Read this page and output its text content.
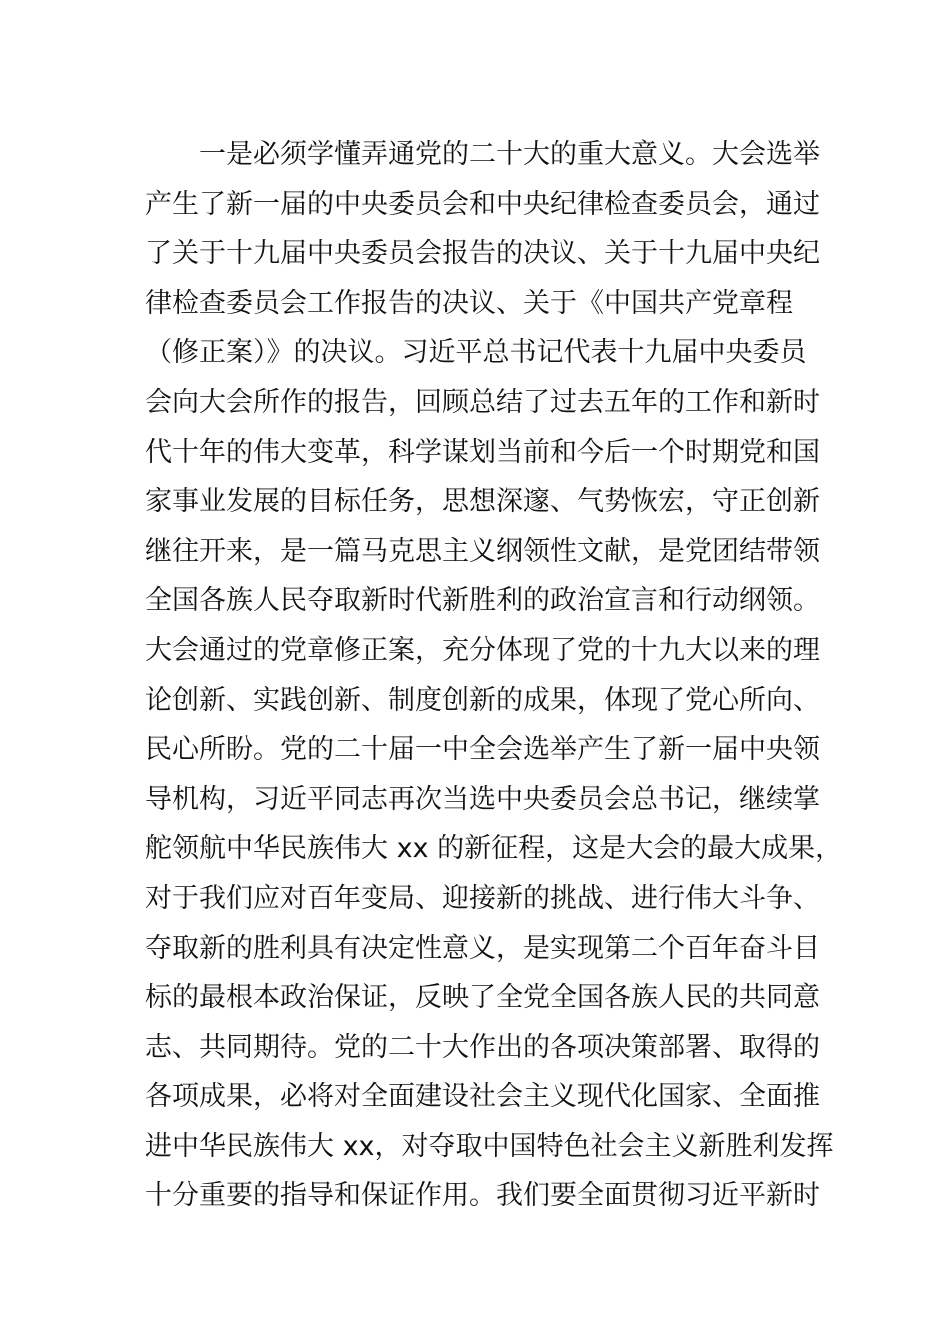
一是必须学懂弄通党的二十大的重大意义。大会选举
产生了新一届的中央委员会和中央纪律检查委员会，通过
了关于十九届中央委员会报告的决议、关于十九届中央纪
律检查委员会工作报告的决议、关于《中国共产党章程
（修正案）》的决议。习近平总书记代表十九届中央委员
会向大会所作的报告，回顾总结了过去五年的工作和新时
代十年的伟大变革，科学谋划当前和今后一个时期党和国
家事业发展的目标任务，思想深邃、气势恢宏，守正创新
继往开来，是一篇马克思主义纲领性文献，是党团结带领
全国各族人民夺取新时代新胜利的政治宣言和行动纲领。
大会通过的党章修正案，充分体现了党的十九大以来的理
论创新、实践创新、制度创新的成果，体现了党心所向、
民心所盼。党的二十届一中全会选举产生了新一届中央领
导机构，习近平同志再次当选中央委员会总书记，继续掌
舵领航中华民族伟大 xx 的新征程，这是大会的最大成果，
对于我们应对百年变局、迎接新的挑战、进行伟大斗争、
夺取新的胜利具有决定性意义，是实现第二个百年奋斗目
标的最根本政治保证，反映了全党全国各族人民的共同意
志、共同期待。党的二十大作出的各项决策部署、取得的
各项成果，必将对全面建设社会主义现代化国家、全面推
进中华民族伟大 xx，对夺取中国特色社会主义新胜利发挥
十分重要的指导和保证作用。我们要全面贯彻习近平新时
